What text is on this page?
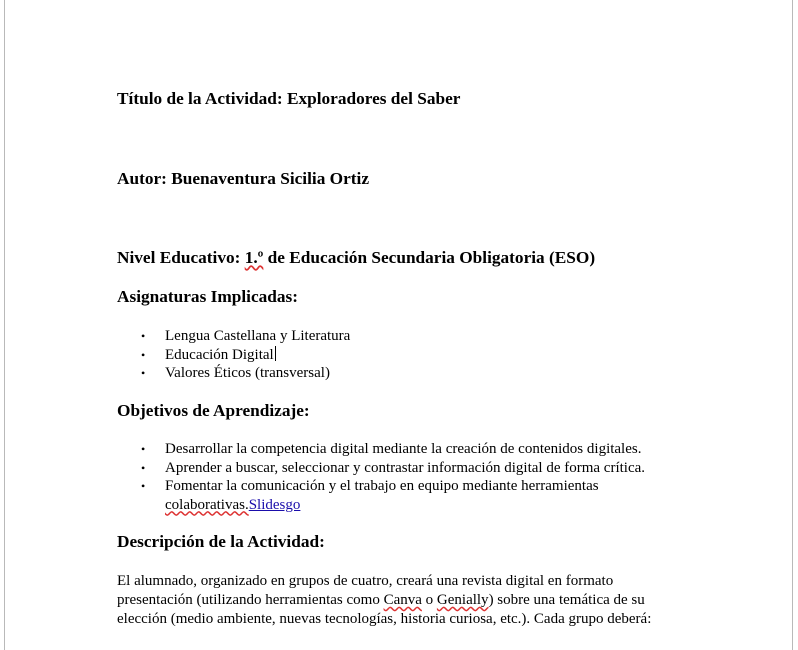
Título de la Actividad: Exploradores del Saber
Autor: Buenaventura Sicilia Ortiz
Nivel Educativo: 1.º de Educación Secundaria Obligatoria (ESO)
Asignaturas Implicadas:
• Lengua Castellana y Literatura
• Educación Digital
• Valores Éticos (transversal)
Objetivos de Aprendizaje:
• Desarrollar la competencia digital mediante la creación de contenidos digitales.
• Aprender a buscar, seleccionar y contrastar información digital de forma crítica.
• Fomentar la comunicación y el trabajo en equipo mediante herramientas
colaborativas.Slidesgo
Descripción de la Actividad:
El alumnado, organizado en grupos de cuatro, creará una revista digital en formato presentación (utilizando herramientas como Canva o Genially) sobre una temática de su elección (medio ambiente, nuevas tecnologías, historia curiosa, etc.). Cada grupo deberá:
